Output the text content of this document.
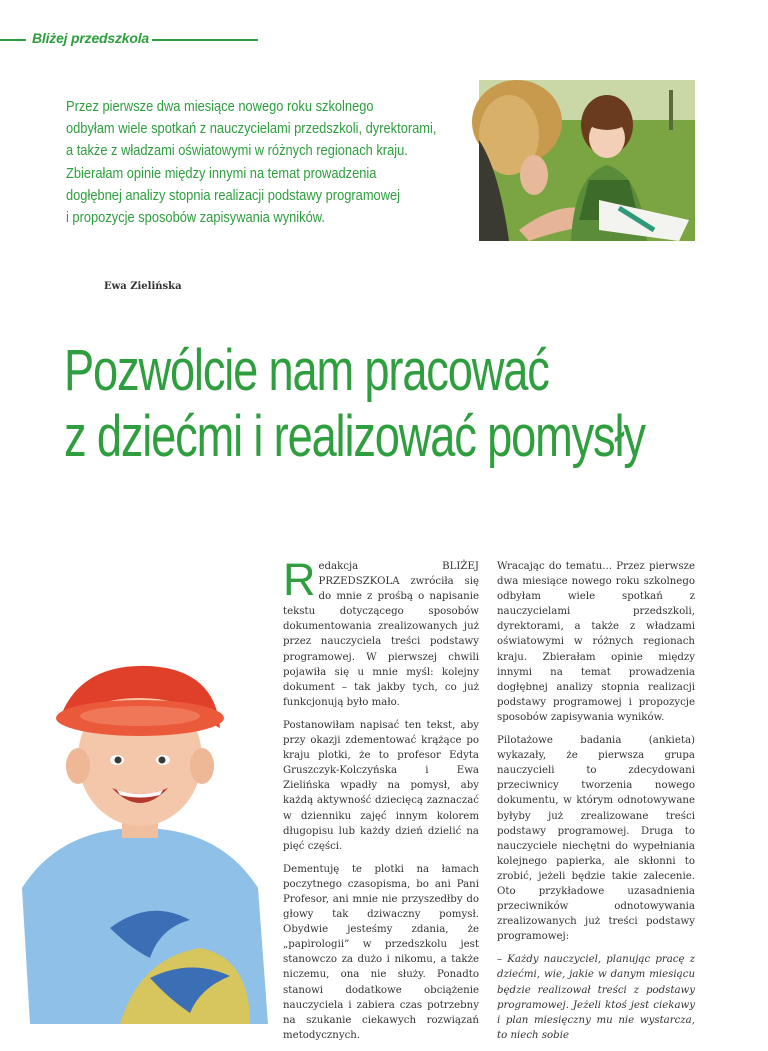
Bliżej przedszkola
Przez pierwsze dwa miesiące nowego roku szkolnego
odbyłam wiele spotkań z nauczycielami przedszkoli, dyrektorami,
a także z władzami oświatowymi w różnych regionach kraju.
Zbierałam opinie między innymi na temat prowadzenia
dogłębnej analizy stopnia realizacji podstawy programowej
i propozycje sposobów zapisywania wyników.
Ewa Zielińska
Pozwólcie nam pracować
z dziećmi i realizować pomysły

Redakcja BLIŻEJ PRZEDSZKOLA zwróciła się do mnie z prośbą o napisanie tekstu dotyczącego sposobów dokumentowania zrealizowanych już przez nauczyciela treści podstawy programowej. W pierwszej chwili pojawiła się u mnie myśl: kolejny dokument – tak jakby tych, co już funkcjonują było mało.

Postanowiłam napisać ten tekst, aby przy okazji zdementować krążące po kraju plotki, że to profesor Edyta Gruszczyk-Kolczyńska i Ewa Zielińska wpadły na pomysł, aby każdą aktywność dziecięcą zaznaczać w dzienniku zajęć innym kolorem długopisu lub każdy dzień dzielić na pięć części.

Dementuję te plotki na łamach poczytnego czasopisma, bo ani Pani Profesor, ani mnie nie przyszedłby do głowy tak dziwaczny pomysł. Obydwie jesteśmy zdania, że „papirologii” w przedszkolu jest stanowczo za dużo i nikomu, a także niczemu, ona nie służy. Ponadto stanowi dodatkowe obciążenie nauczyciela i zabiera czas potrzebny na szukanie ciekawych rozwiązań metodycznych.

Wracając do tematu... Przez pierwsze dwa miesiące nowego roku szkolnego odbyłam wiele spotkań z nauczycielami przedszkoli, dyrektorami, a także z władzami oświatowymi w różnych regionach kraju. Zbierałam opinie między innymi na temat prowadzenia dogłębnej analizy stopnia realizacji podstawy programowej i propozycje sposobów zapisywania wyników.

Pilotażowe badania (ankieta) wykazały, że pierwsza grupa nauczycieli to zdecydowani przeciwnicy tworzenia nowego dokumentu, w którym odnotowywane byłyby już zrealizowane treści podstawy programowej. Druga to nauczyciele niechętni do wypełniania kolejnego papierka, ale skłonni to zrobić, jeżeli będzie takie zalecenie. Oto przykładowe uzasadnienia przeciwników odnotowywania zrealizowanych już treści podstawy programowej:

– Każdy nauczyciel, planując pracę z dziećmi, wie, jakie w danym miesiącu będzie realizował treści z podstawy programowej. Jeżeli ktoś jest ciekawy i plan miesięczny mu nie wystarcza, to niech sobie
